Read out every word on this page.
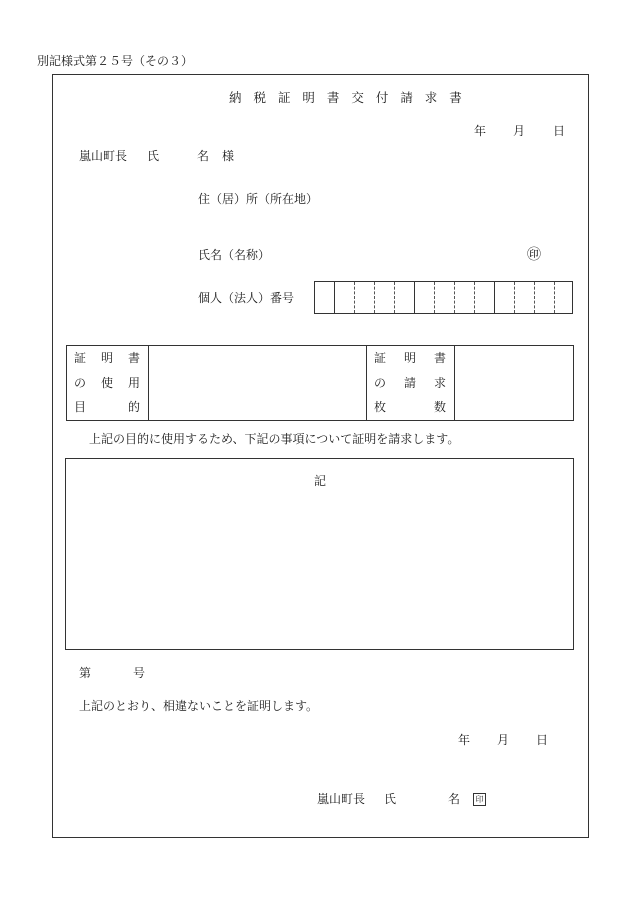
別記様式第２５号（その３）
納 税 証 明 書 交 付 請 求 書
年 月 日
嵐山町長 氏	名 様
住（居）所（所在地）
氏名（名称）	㊞
個人（法人）番号
証 明 書
の 使 用
目	的
証 明 書
の 請 求
枚	数
上記の目的に使用するため、下記の事項について証明を請求します。
記
第	号
上記のとおり、相違ないことを証明します。
年 月 日
嵐山町長 氏	名	印
